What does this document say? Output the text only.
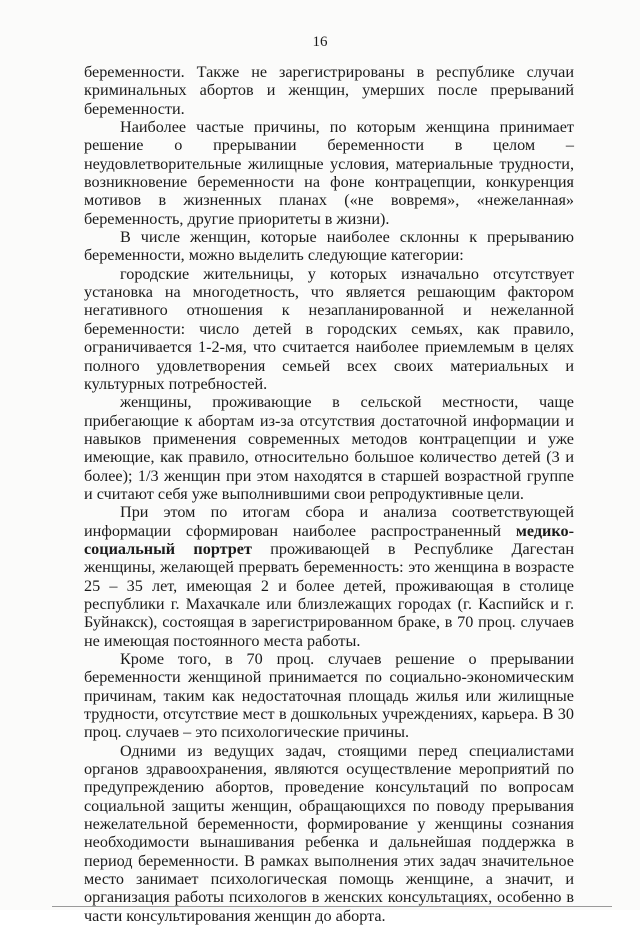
16

беременности. Также не зарегистрированы в республике случаи криминальных абортов и женщин, умерших после прерываний беременности.

Наиболее частые причины, по которым женщина принимает решение о прерывании беременности в целом – неудовлетворительные жилищные условия, материальные трудности, возникновение беременности на фоне контрацепции, конкуренция мотивов в жизненных планах («не вовремя», «нежеланная» беременность, другие приоритеты в жизни).

В числе женщин, которые наиболее склонны к прерыванию беременности, можно выделить следующие категории:

городские жительницы, у которых изначально отсутствует установка на многодетность, что является решающим фактором негативного отношения к незапланированной и нежеланной беременности: число детей в городских семьях, как правило, ограничивается 1-2-мя, что считается наиболее приемлемым в целях полного удовлетворения семьей всех своих материальных и культурных потребностей.

женщины, проживающие в сельской местности, чаще прибегающие к абортам из-за отсутствия достаточной информации и навыков применения современных методов контрацепции и уже имеющие, как правило, относительно большое количество детей (3 и более); 1/3 женщин при этом находятся в старшей возрастной группе и считают себя уже выполнившими свои репродуктивные цели.

При этом по итогам сбора и анализа соответствующей информации сформирован наиболее распространенный медико-социальный портрет проживающей в Республике Дагестан женщины, желающей прервать беременность: это женщина в возрасте 25 – 35 лет, имеющая 2 и более детей, проживающая в столице республики г. Махачкале или близлежащих городах (г. Каспийск и г. Буйнакск), состоящая в зарегистрированном браке, в 70 проц. случаев не имеющая постоянного места работы.

Кроме того, в 70 проц. случаев решение о прерывании беременности женщиной принимается по социально-экономическим причинам, таким как недостаточная площадь жилья или жилищные трудности, отсутствие мест в дошкольных учреждениях, карьера. В 30 проц. случаев – это психологические причины.

Одними из ведущих задач, стоящими перед специалистами органов здравоохранения, являются осуществление мероприятий по предупреждению абортов, проведение консультаций по вопросам социальной защиты женщин, обращающихся по поводу прерывания нежелательной беременности, формирование у женщины сознания необходимости вынашивания ребенка и дальнейшая поддержка в период беременности. В рамках выполнения этих задач значительное место занимает психологическая помощь женщине, а значит, и организация работы психологов в женских консультациях, особенно в части консультирования женщин до аборта.
